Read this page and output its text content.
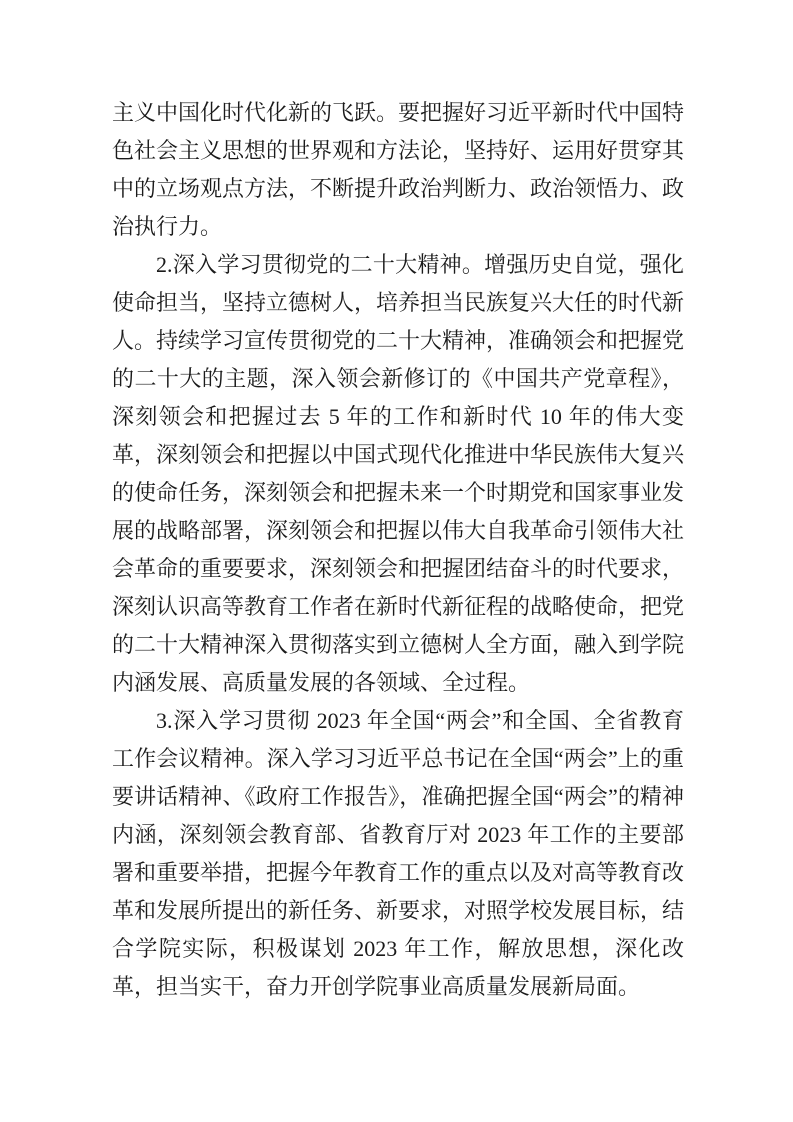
主义中国化时代化新的飞跃。要把握好习近平新时代中国特色社会主义思想的世界观和方法论，坚持好、运用好贯穿其中的立场观点方法，不断提升政治判断力、政治领悟力、政治执行力。

2.深入学习贯彻党的二十大精神。增强历史自觉，强化使命担当，坚持立德树人，培养担当民族复兴大任的时代新人。持续学习宣传贯彻党的二十大精神，准确领会和把握党的二十大的主题，深入领会新修订的《中国共产党章程》，深刻领会和把握过去 5 年的工作和新时代 10 年的伟大变革，深刻领会和把握以中国式现代化推进中华民族伟大复兴的使命任务，深刻领会和把握未来一个时期党和国家事业发展的战略部署，深刻领会和把握以伟大自我革命引领伟大社会革命的重要要求，深刻领会和把握团结奋斗的时代要求，深刻认识高等教育工作者在新时代新征程的战略使命，把党的二十大精神深入贯彻落实到立德树人全方面，融入到学院内涵发展、高质量发展的各领域、全过程。

3.深入学习贯彻 2023 年全国“两会”和全国、全省教育工作会议精神。深入学习习近平总书记在全国“两会”上的重要讲话精神、《政府工作报告》，准确把握全国“两会”的精神内涵，深刻领会教育部、省教育厅对 2023 年工作的主要部署和重要举措，把握今年教育工作的重点以及对高等教育改革和发展所提出的新任务、新要求，对照学校发展目标，结合学院实际，积极谋划 2023 年工作，解放思想，深化改革，担当实干，奋力开创学院事业高质量发展新局面。
